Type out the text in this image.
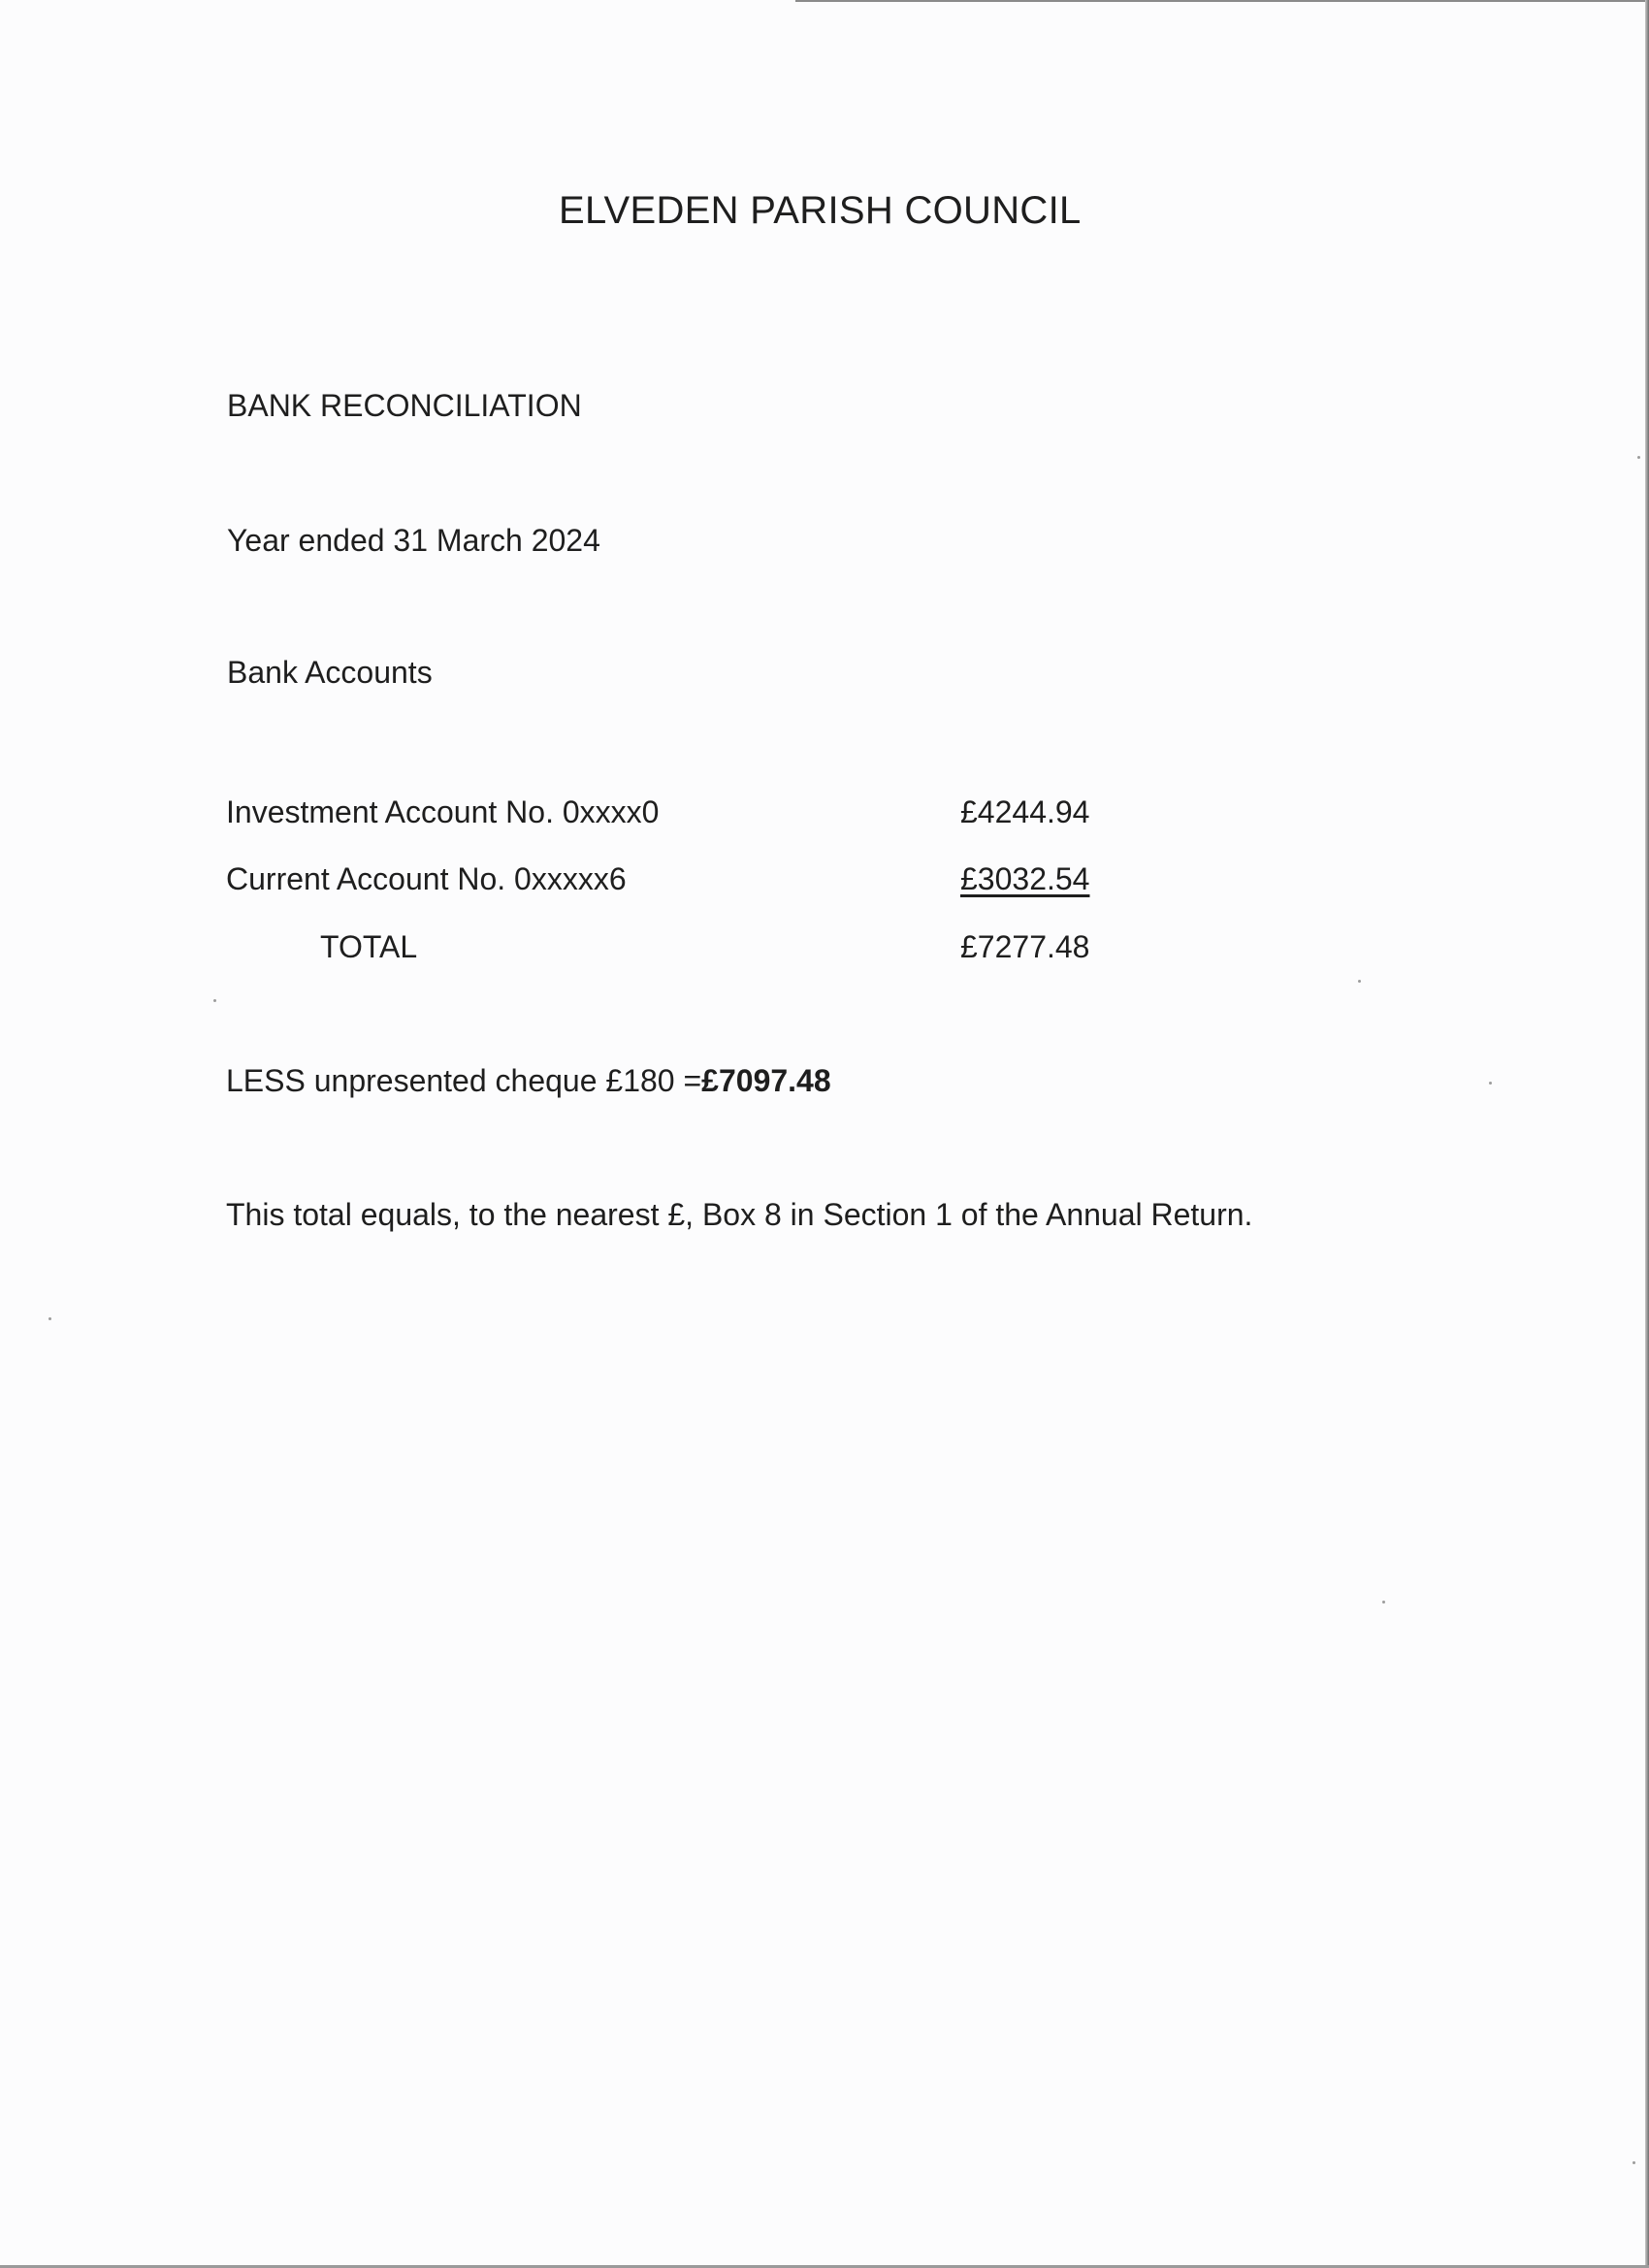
ELVEDEN PARISH COUNCIL
BANK RECONCILIATION
Year ended 31 March 2024
Bank Accounts
Investment Account No. 0xxxx0	£4244.94
Current Account No. 0xxxxx6	£3032.54
TOTAL	£7277.48
LESS unpresented cheque £180 =£7097.48
This total equals, to the nearest £, Box 8 in Section 1 of the Annual Return.
